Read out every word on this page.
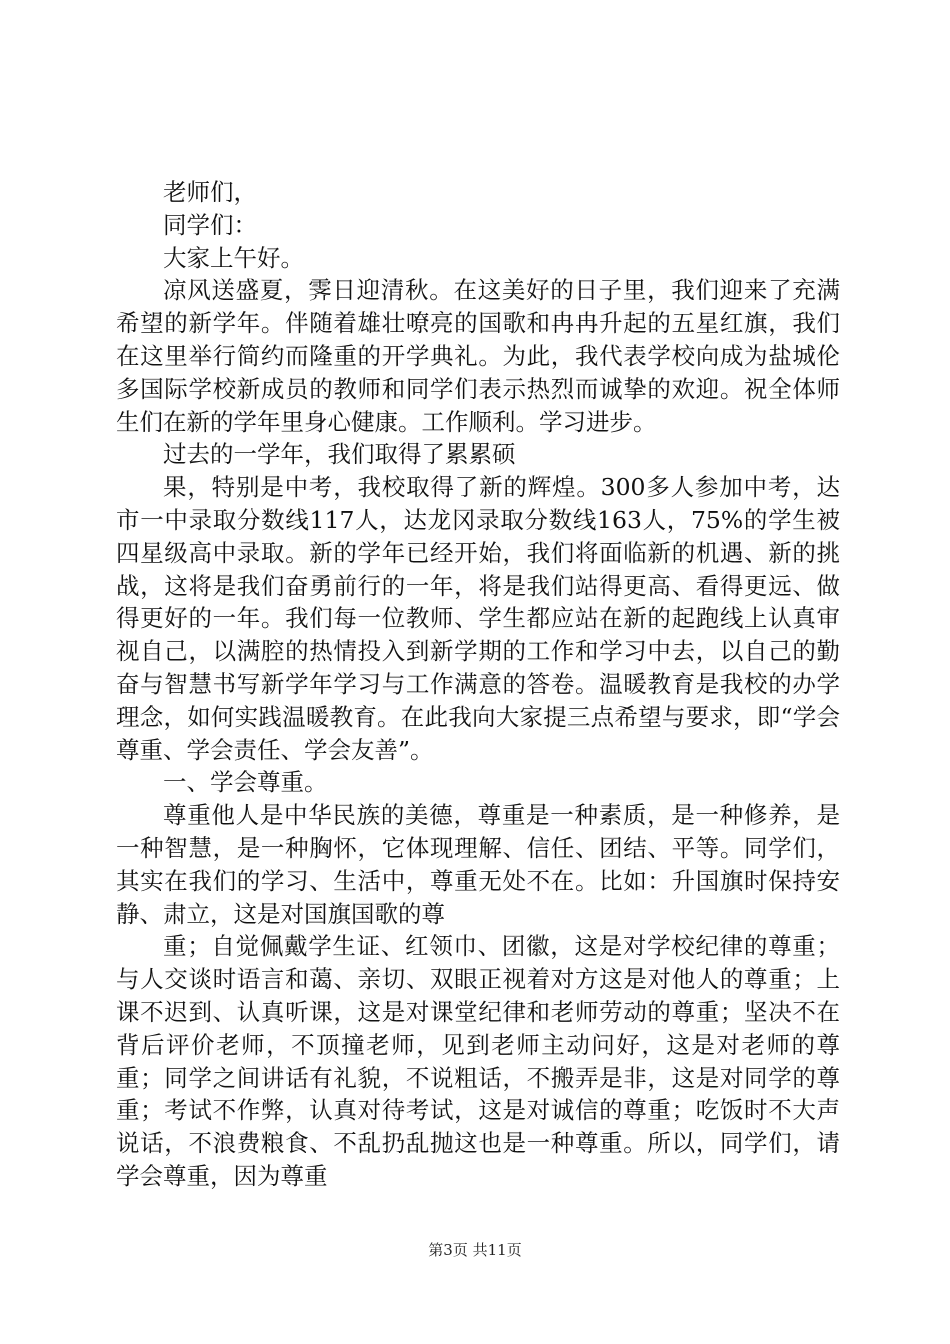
老师们，

同学们：

大家上午好。

凉风送盛夏，霁日迎清秋。在这美好的日子里，我们迎来了充满希望的新学年。伴随着雄壮嘹亮的国歌和冉冉升起的五星红旗，我们在这里举行简约而隆重的开学典礼。为此，我代表学校向成为盐城伦多国际学校新成员的教师和同学们表示热烈而诚挚的欢迎。祝全体师生们在新的学年里身心健康。工作顺利。学习进步。

过去的一学年，我们取得了累累硕

果，特别是中考，我校取得了新的辉煌。300多人参加中考，达市一中录取分数线117人，达龙冈录取分数线163人，75%的学生被四星级高中录取。新的学年已经开始，我们将面临新的机遇、新的挑战，这将是我们奋勇前行的一年，将是我们站得更高、看得更远、做得更好的一年。我们每一位教师、学生都应站在新的起跑线上认真审视自己，以满腔的热情投入到新学期的工作和学习中去，以自己的勤奋与智慧书写新学年学习与工作满意的答卷。温暖教育是我校的办学理念，如何实践温暖教育。在此我向大家提三点希望与要求，即“学会尊重、学会责任、学会友善”。

一、学会尊重。

尊重他人是中华民族的美德，尊重是一种素质，是一种修养，是一种智慧，是一种胸怀，它体现理解、信任、团结、平等。同学们，其实在我们的学习、生活中，尊重无处不在。比如：升国旗时保持安静、肃立，这是对国旗国歌的尊

重；自觉佩戴学生证、红领巾、团徽，这是对学校纪律的尊重；与人交谈时语言和蔼、亲切、双眼正视着对方这是对他人的尊重；上课不迟到、认真听课，这是对课堂纪律和老师劳动的尊重；坚决不在背后评价老师，不顶撞老师，见到老师主动问好，这是对老师的尊重；同学之间讲话有礼貌，不说粗话，不搬弄是非，这是对同学的尊重；考试不作弊，认真对待考试，这是对诚信的尊重；吃饭时不大声说话，不浪费粮食、不乱扔乱抛这也是一种尊重。所以，同学们，请学会尊重，因为尊重

第3页 共11页
